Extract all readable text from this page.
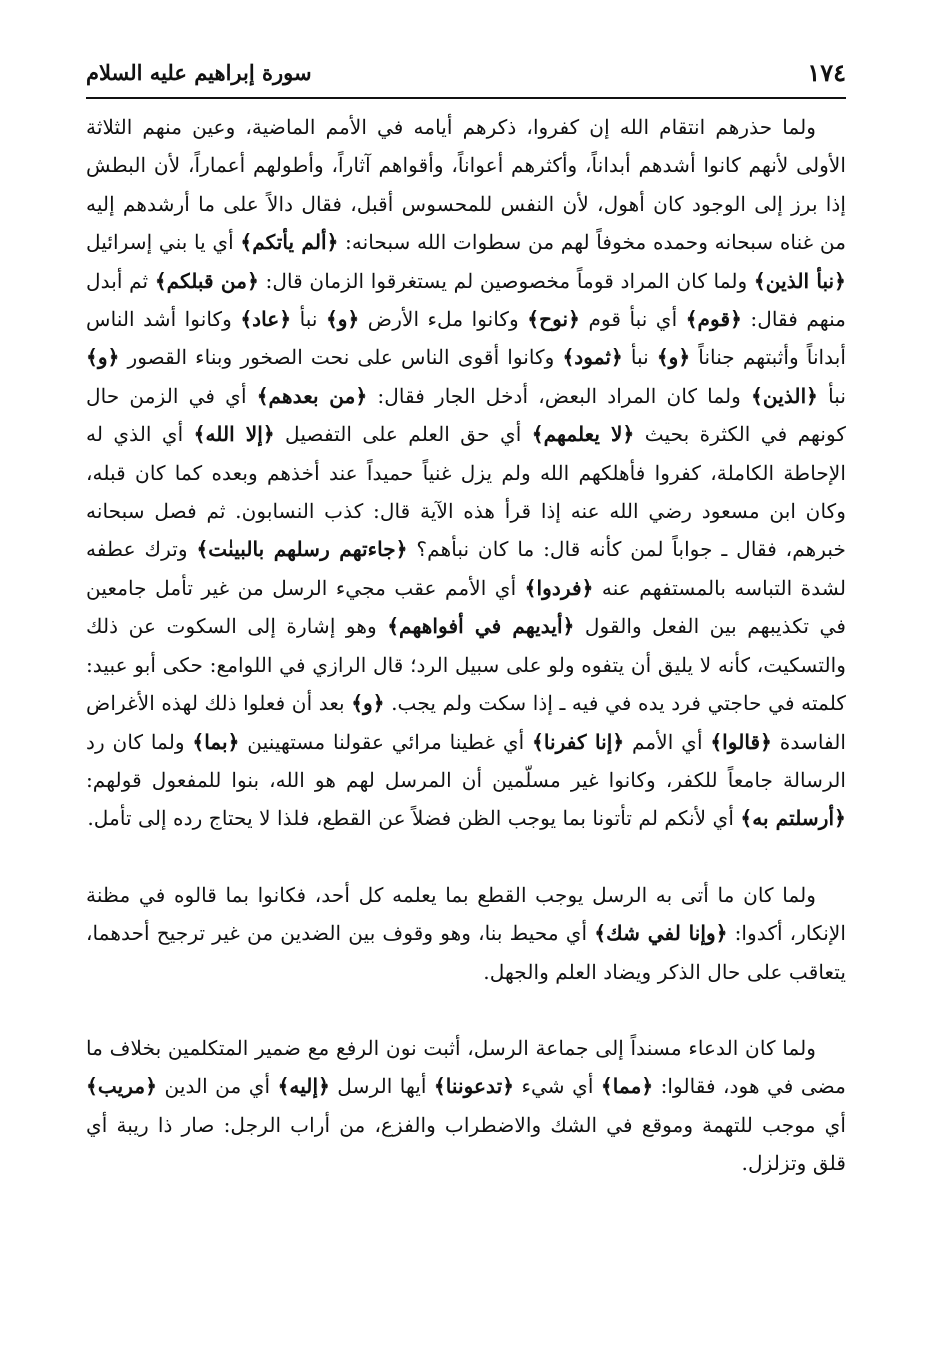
١٧٤
سورة إبراهيم عليه السلام

ولما حذرهم انتقام الله إن كفروا، ذكرهم أيامه في الأمم الماضية، وعين منهم الثلاثة الأولى لأنهم كانوا أشدهم أبداناً، وأكثرهم أعواناً، وأقواهم آثاراً، وأطولهم أعماراً، لأن البطش إذا برز إلى الوجود كان أهول، لأن النفس للمحسوس أقبل، فقال دالاً على ما أرشدهم إليه من غناه سبحانه وحمده مخوفاً لهم من سطوات الله سبحانه: ﴿ألم يأتكم﴾ أي يا بني إسرائيل ﴿نبأ الذين﴾ ولما كان المراد قوماً مخصوصين لم يستغرقوا الزمان قال: ﴿من قبلكم﴾ ثم أبدل منهم فقال: ﴿قوم﴾ أي نبأ قوم ﴿نوح﴾ وكانوا ملء الأرض ﴿و﴾ نبأ ﴿عاد﴾ وكانوا أشد الناس أبداناً وأثبتهم جناناً ﴿و﴾ نبأ ﴿ثمود﴾ وكانوا أقوى الناس على نحت الصخور وبناء القصور ﴿و﴾ نبأ ﴿الذين﴾ ولما كان المراد البعض، أدخل الجار فقال: ﴿من بعدهم﴾ أي في الزمن حال كونهم في الكثرة بحيث ﴿لا يعلمهم﴾ أي حق العلم على التفصيل ﴿إلا الله﴾ أي الذي له الإحاطة الكاملة، كفروا فأهلكهم الله ولم يزل غنياً حميداً عند أخذهم وبعده كما كان قبله، وكان ابن مسعود رضي الله عنه إذا قرأ هذه الآية قال: كذب النسابون. ثم فصل سبحانه خبرهم، فقال ـ جواباً لمن كأنه قال: ما كان نبأهم؟ ﴿جاءتهم رسلهم بالبينٰت﴾ وترك عطفه لشدة التباسه بالمستفهم عنه ﴿فردوا﴾ أي الأمم عقب مجيء الرسل من غير تأمل جامعين في تكذيبهم بين الفعل والقول ﴿أيديهم في أفواههم﴾ وهو إشارة إلى السكوت عن ذلك والتسكيت، كأنه لا يليق أن يتفوه ولو على سبيل الرد؛ قال الرازي في اللوامع: حكى أبو عبيد: كلمته في حاجتي فرد يده في فيه ـ إذا سكت ولم يجب. ﴿و﴾ بعد أن فعلوا ذلك لهذه الأغراض الفاسدة ﴿قالوا﴾ أي الأمم ﴿إنا كفرنا﴾ أي غطينا مرائي عقولنا مستهينين ﴿بما﴾ ولما كان رد الرسالة جامعاً للكفر، وكانوا غير مسلّمين أن المرسل لهم هو الله، بنوا للمفعول قولهم: ﴿أرسلتم به﴾ أي لأنكم لم تأتونا بما يوجب الظن فضلاً عن القطع، فلذا لا يحتاج رده إلى تأمل.

ولما كان ما أتى به الرسل يوجب القطع بما يعلمه كل أحد، فكانوا بما قالوه في مظنة الإنكار، أكدوا: ﴿وإنا لفي شك﴾ أي محيط بنا، وهو وقوف بين الضدين من غير ترجيح أحدهما، يتعاقب على حال الذكر ويضاد العلم والجهل.

ولما كان الدعاء مسنداً إلى جماعة الرسل، أثبت نون الرفع مع ضمير المتكلمين بخلاف ما مضى في هود، فقالوا: ﴿مما﴾ أي شيء ﴿تدعوننا﴾ أيها الرسل ﴿إليه﴾ أي من الدين ﴿مريب﴾ أي موجب للتهمة وموقع في الشك والاضطراب والفزع، من أراب الرجل: صار ذا ريبة أي قلق وتزلزل.
